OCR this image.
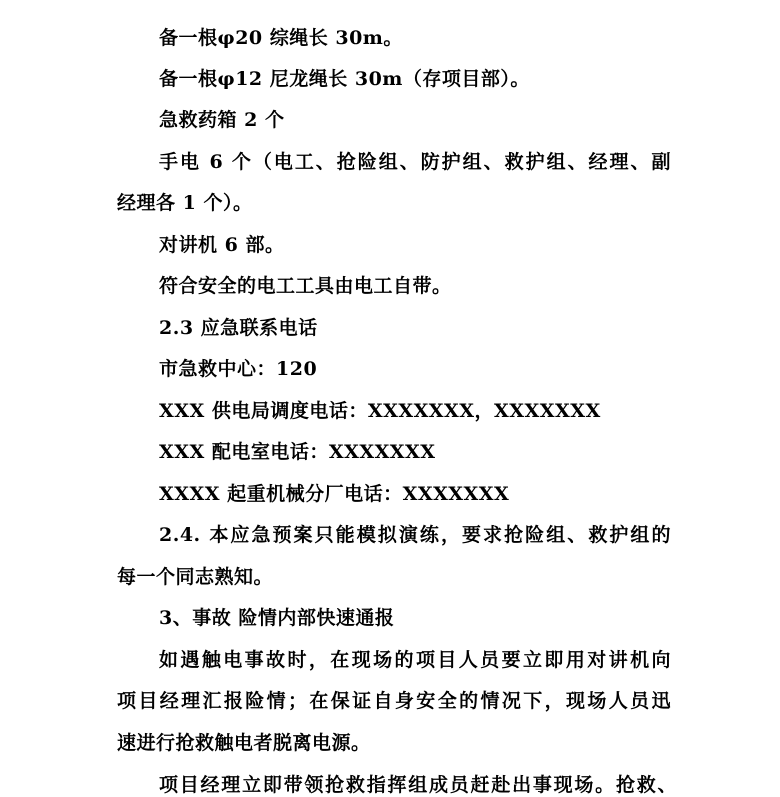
备一根φ20 综绳长 30m。
备一根φ12 尼龙绳长 30m（存项目部）。
急救药箱 2 个
手电 6 个（电工、抢险组、防护组、救护组、经理、副
经理各 1 个）。
对讲机 6 部。
符合安全的电工工具由电工自带。
2.3 应急联系电话
市急救中心：120
XXX 供电局调度电话：XXXXXXX，XXXXXXX
XXX 配电室电话：XXXXXXX
XXXX 起重机械分厂电话：XXXXXXX
2.4. 本应急预案只能模拟演练，要求抢险组、救护组的
每一个同志熟知。
3、事故 险情内部快速通报
如遇触电事故时，在现场的项目人员要立即用对讲机向
项目经理汇报险情；在保证自身安全的情况下，现场人员迅
速进行抢救触电者脱离电源。
项目经理立即带领抢救指挥组成员赶赴出事现场。抢救、
